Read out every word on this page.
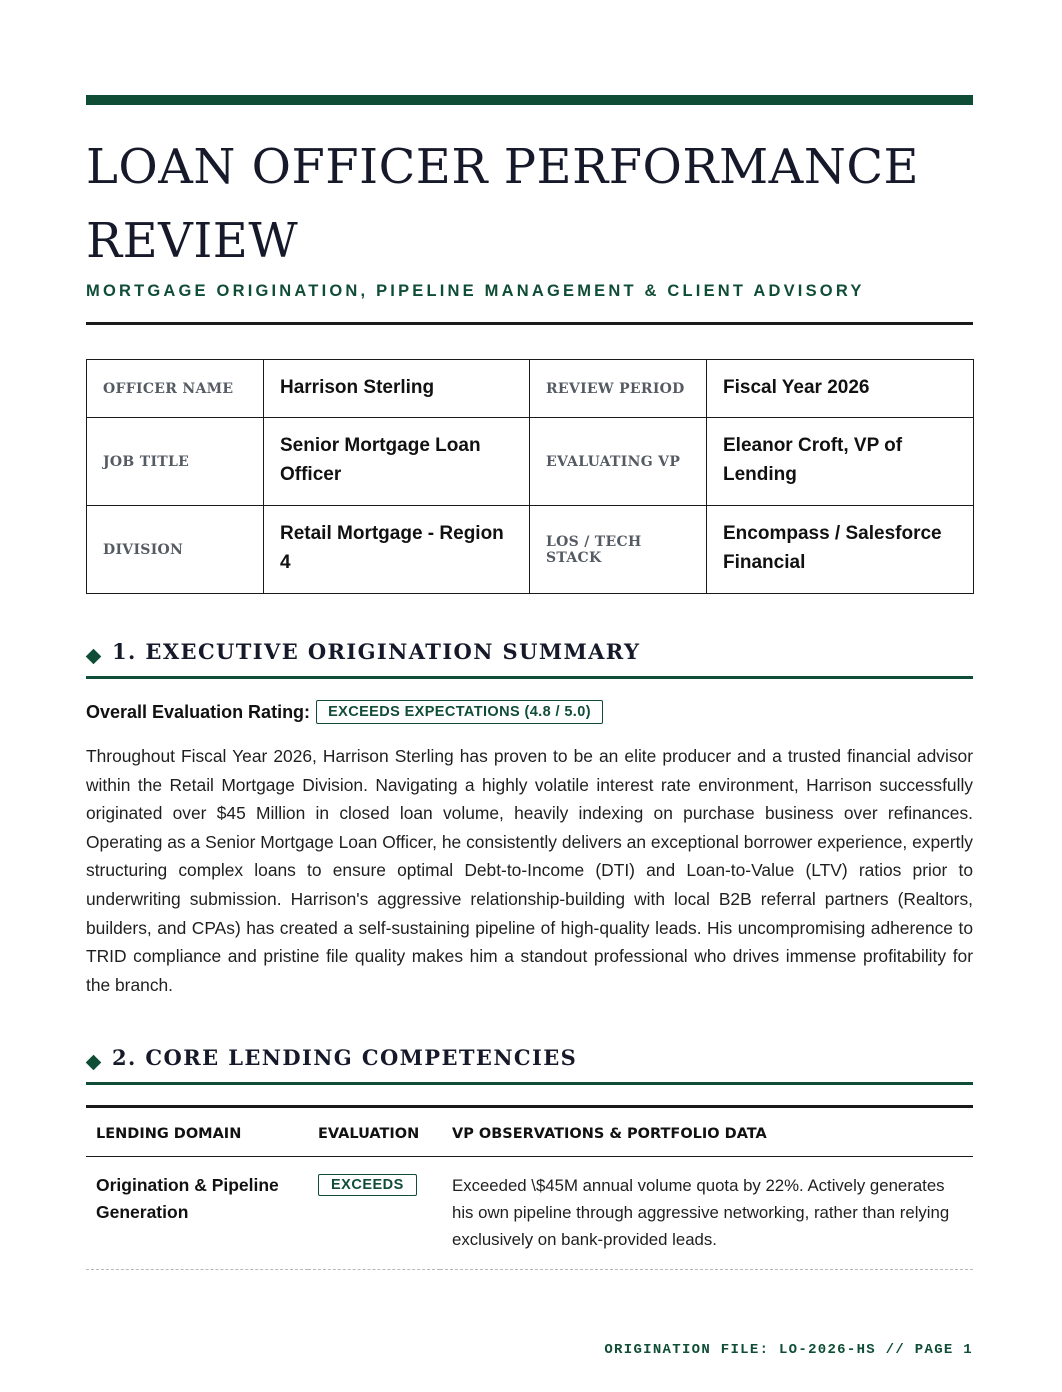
LOAN OFFICER PERFORMANCE REVIEW
MORTGAGE ORIGINATION, PIPELINE MANAGEMENT & CLIENT ADVISORY
OFFICER NAME	Harrison Sterling	REVIEW PERIOD	Fiscal Year 2026
JOB TITLE	Senior Mortgage Loan Officer	EVALUATING VP	Eleanor Croft, VP of Lending
DIVISION	Retail Mortgage - Region 4	LOS / TECH STACK	Encompass / Salesforce Financial
1. EXECUTIVE ORIGINATION SUMMARY
Overall Evaluation Rating:	EXCEEDS EXPECTATIONS (4.8 / 5.0)

Throughout Fiscal Year 2026, Harrison Sterling has proven to be an elite producer and a trusted financial advisor within the Retail Mortgage Division. Navigating a highly volatile interest rate environment, Harrison successfully originated over $45 Million in closed loan volume, heavily indexing on purchase business over refinances. Operating as a Senior Mortgage Loan Officer, he consistently delivers an exceptional borrower experience, expertly structuring complex loans to ensure optimal Debt-to-Income (DTI) and Loan-to-Value (LTV) ratios prior to underwriting submission. Harrison's aggressive relationship-building with local B2B referral partners (Realtors, builders, and CPAs) has created a self-sustaining pipeline of high-quality leads. His uncompromising adherence to TRID compliance and pristine file quality makes him a standout professional who drives immense profitability for the branch.

2. CORE LENDING COMPETENCIES
LENDING DOMAIN	EVALUATION	VP OBSERVATIONS & PORTFOLIO DATA
Origination & Pipeline Generation	EXCEEDS	Exceeded \$45M annual volume quota by 22%. Actively generates his own pipeline through aggressive networking, rather than relying exclusively on bank-provided leads.
ORIGINATION FILE: LO-2026-HS // PAGE 1
